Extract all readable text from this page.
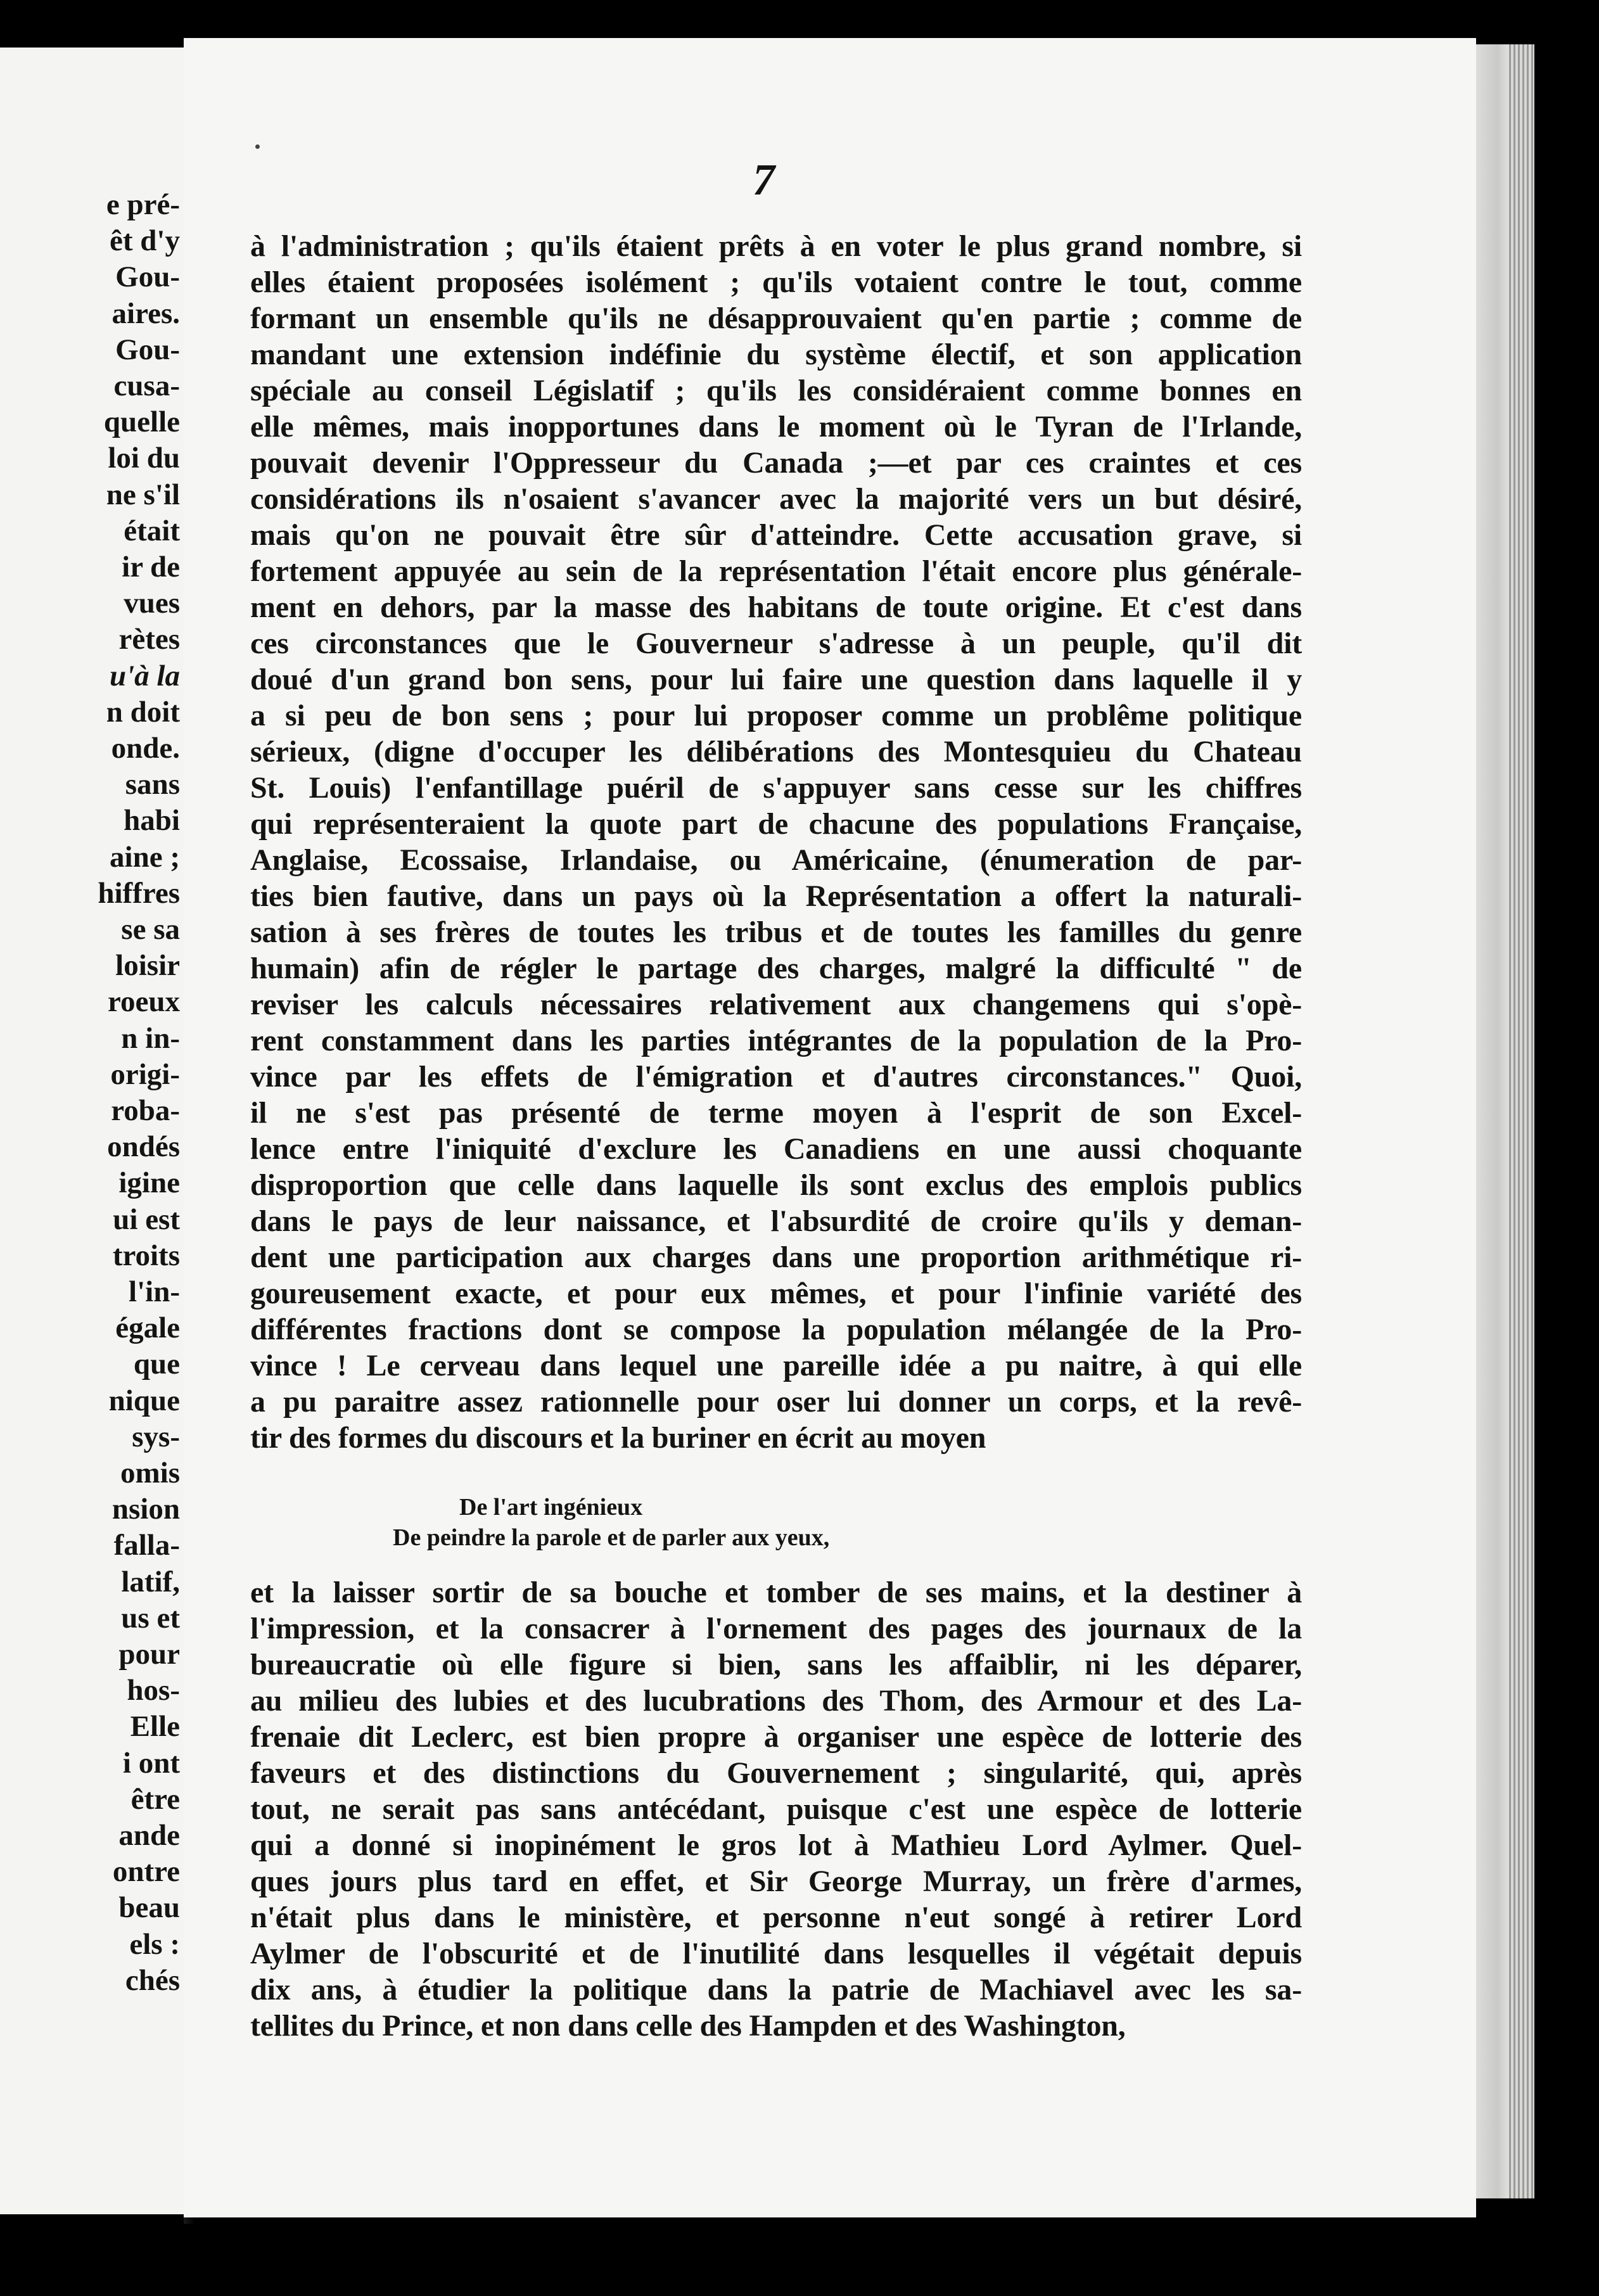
e pré-
êt d'y
Gou-
aires.
Gou-
cusa-
quelle
loi du
ne s'il
était
ir de
vues
rètes
u'à la
n doit
onde.
sans
habi
aine ;
hiffres
se sa
loisir
roeux
n in-
origi-
roba-
ondés
igine
ui est
troits
l'in-
égale
que
nique
sys-
omis
nsion
falla-
latif,
us et
pour
hos-
Elle
i ont
être
ande
ontre
beau
els :
chés
7
à l'administration ; qu'ils étaient prêts à en voter le plus grand nombre, si
elles étaient proposées isolément ; qu'ils votaient contre le tout, comme
formant un ensemble qu'ils ne désapprouvaient qu'en partie ; comme de
mandant une extension indéfinie du système électif, et son application
spéciale au conseil Législatif ; qu'ils les considéraient comme bonnes en
elle mêmes, mais inopportunes dans le moment où le Tyran de l'Irlande,
pouvait devenir l'Oppresseur du Canada ;—et par ces craintes et ces
considérations ils n'osaient s'avancer avec la majorité vers un but désiré,
mais qu'on ne pouvait être sûr d'atteindre. Cette accusation grave, si
fortement appuyée au sein de la représentation l'était encore plus générale-
ment en dehors, par la masse des habitans de toute origine. Et c'est dans
ces circonstances que le Gouverneur s'adresse à un peuple, qu'il dit
doué d'un grand bon sens, pour lui faire une question dans laquelle il y
a si peu de bon sens ; pour lui proposer comme un problême politique
sérieux, (digne d'occuper les délibérations des Montesquieu du Chateau
St. Louis) l'enfantillage puéril de s'appuyer sans cesse sur les chiffres
qui représenteraient la quote part de chacune des populations Française,
Anglaise, Ecossaise, Irlandaise, ou Américaine, (énumeration de par-
ties bien fautive, dans un pays où la Représentation a offert la naturali-
sation à ses frères de toutes les tribus et de toutes les familles du genre
humain) afin de régler le partage des charges, malgré la difficulté " de
reviser les calculs nécessaires relativement aux changemens qui s'opè-
rent constamment dans les parties intégrantes de la population de la Pro-
vince par les effets de l'émigration et d'autres circonstances." Quoi,
il ne s'est pas présenté de terme moyen à l'esprit de son Excel-
lence entre l'iniquité d'exclure les Canadiens en une aussi choquante
disproportion que celle dans laquelle ils sont exclus des emplois publics
dans le pays de leur naissance, et l'absurdité de croire qu'ils y deman-
dent une participation aux charges dans une proportion arithmétique ri-
goureusement exacte, et pour eux mêmes, et pour l'infinie variété des
différentes fractions dont se compose la population mélangée de la Pro-
vince ! Le cerveau dans lequel une pareille idée a pu naitre, à qui elle
a pu paraitre assez rationnelle pour oser lui donner un corps, et la revê-
tir des formes du discours et la buriner en écrit au moyen
De l'art ingénieux
De peindre la parole et de parler aux yeux,
et la laisser sortir de sa bouche et tomber de ses mains, et la destiner à
l'impression, et la consacrer à l'ornement des pages des journaux de la
bureaucratie où elle figure si bien, sans les affaiblir, ni les déparer,
au milieu des lubies et des lucubrations des Thom, des Armour et des La-
frenaie dit Leclerc, est bien propre à organiser une espèce de lotterie des
faveurs et des distinctions du Gouvernement ; singularité, qui, après
tout, ne serait pas sans antécédant, puisque c'est une espèce de lotterie
qui a donné si inopinément le gros lot à Mathieu Lord Aylmer. Quel-
ques jours plus tard en effet, et Sir George Murray, un frère d'armes,
n'était plus dans le ministère, et personne n'eut songé à retirer Lord
Aylmer de l'obscurité et de l'inutilité dans lesquelles il végétait depuis
dix ans, à étudier la politique dans la patrie de Machiavel avec les sa-
tellites du Prince, et non dans celle des Hampden et des Washington,
